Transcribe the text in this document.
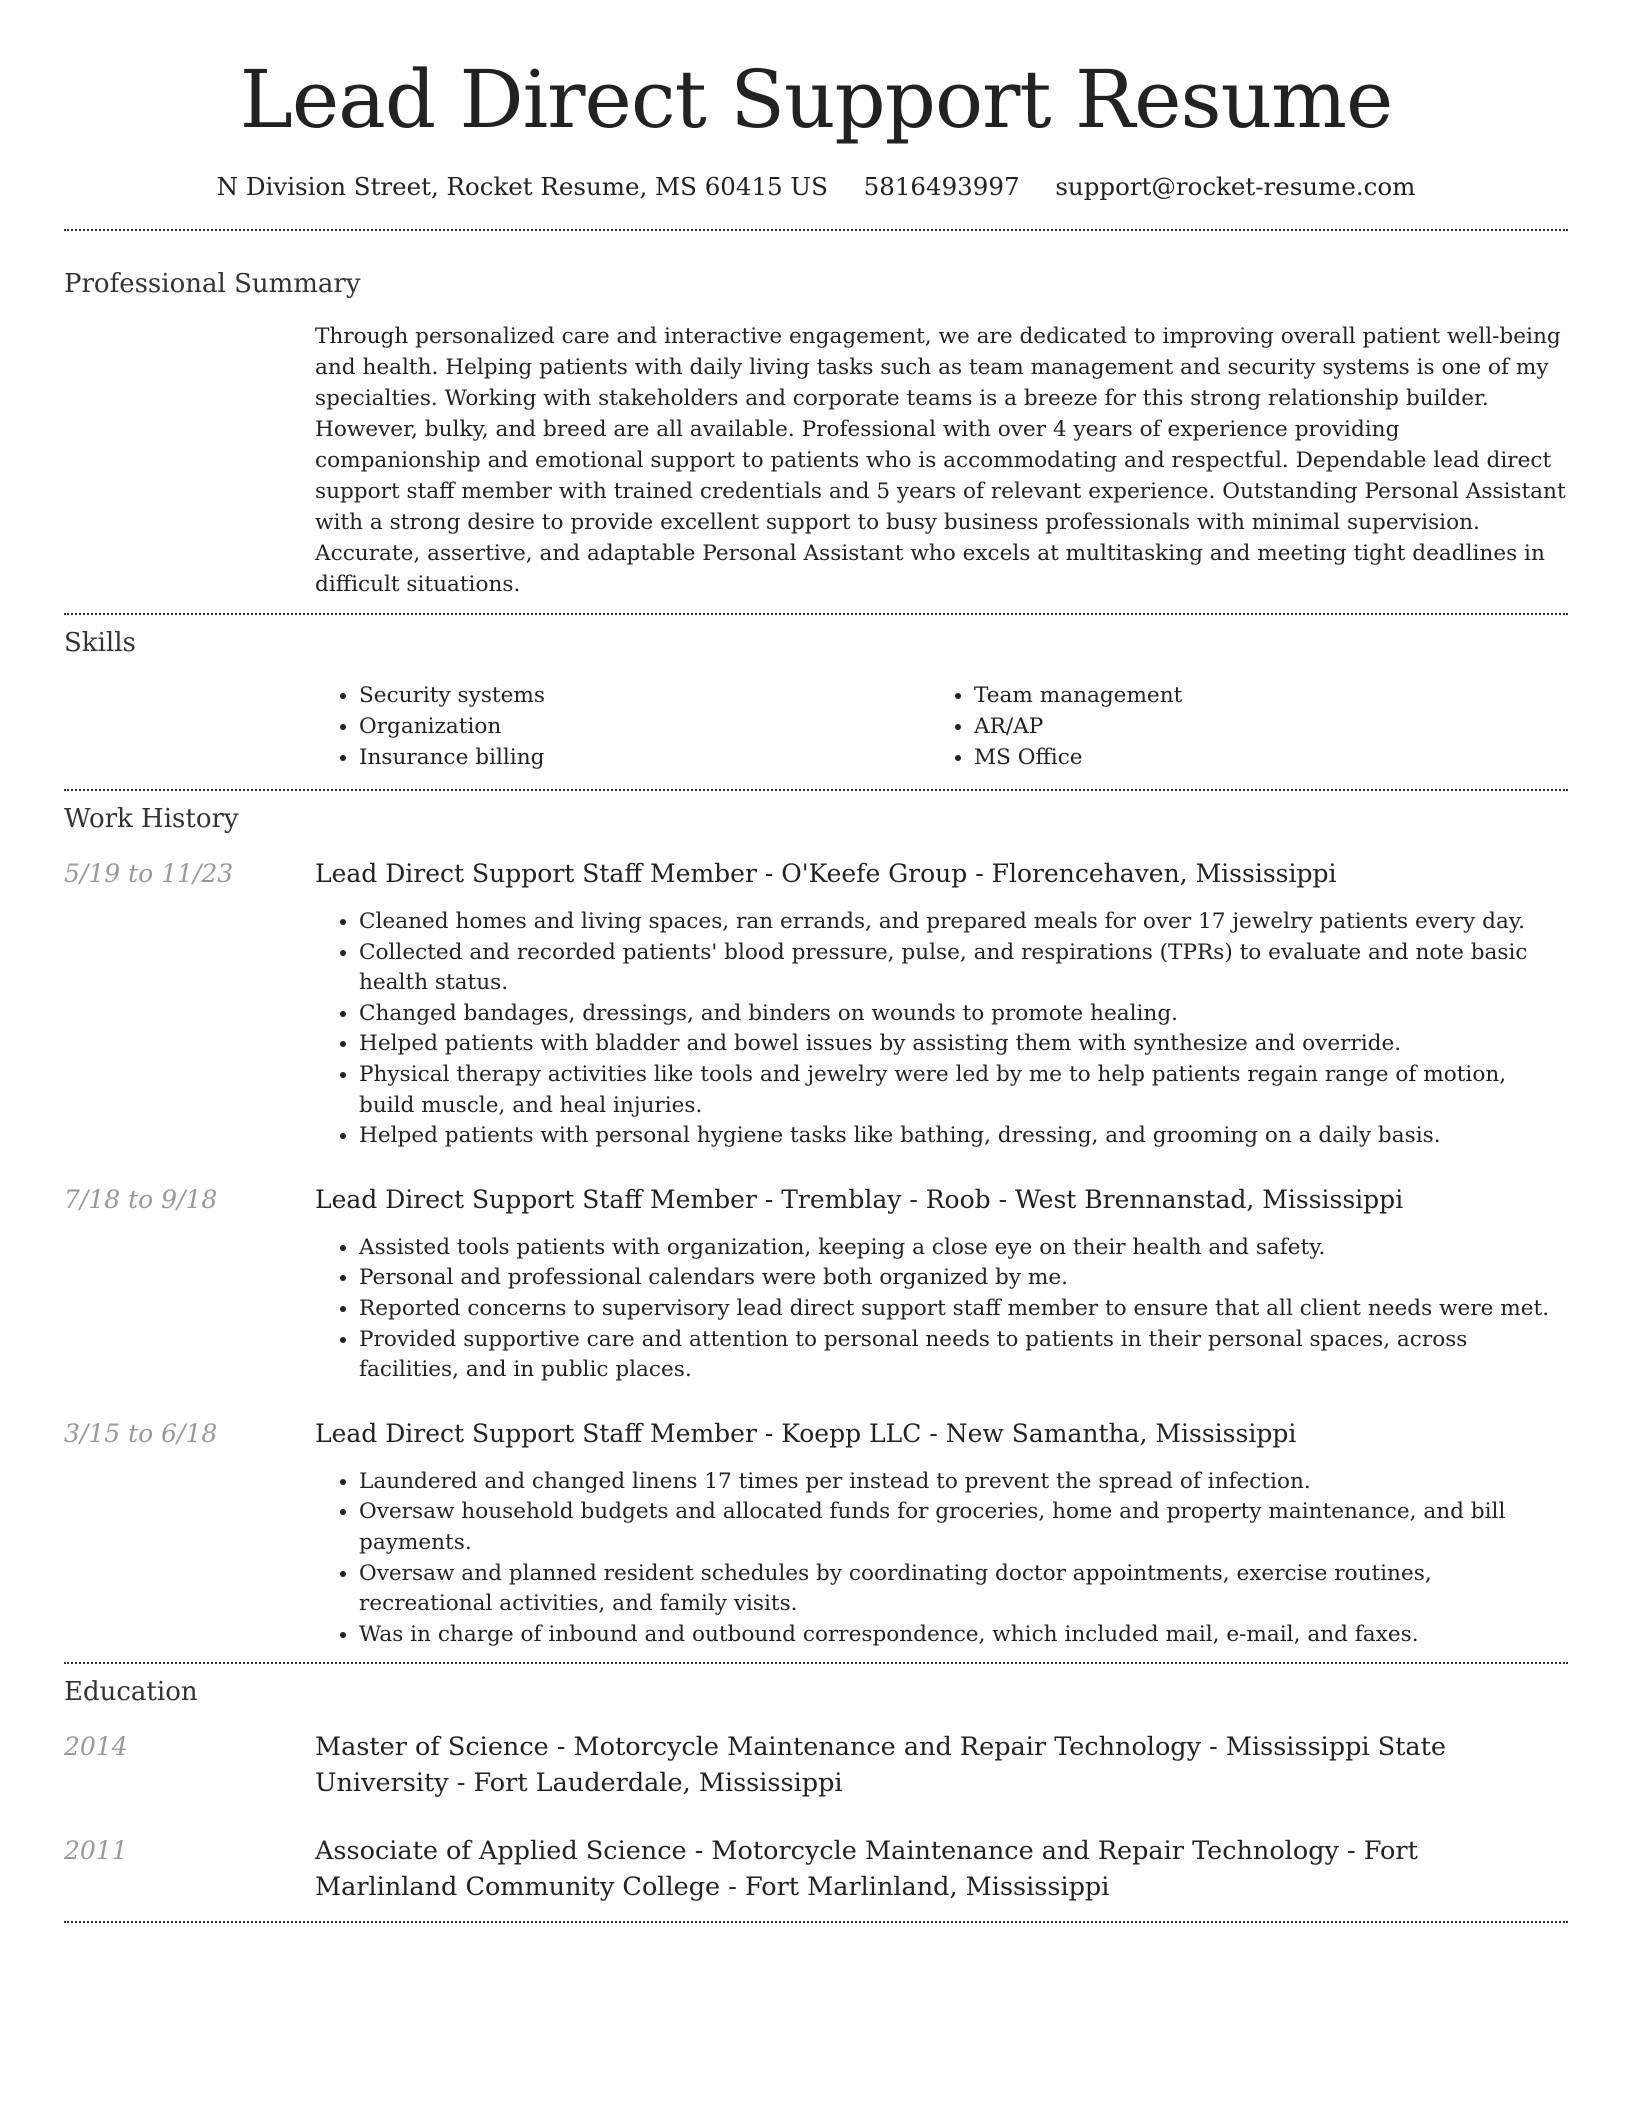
Lead Direct Support Resume
N Division Street, Rocket Resume, MS 60415 US 5816493997 support@rocket-resume.com
Professional Summary
Through personalized care and interactive engagement, we are dedicated to improving overall patient well-being and health. Helping patients with daily living tasks such as team management and security systems is one of my specialties. Working with stakeholders and corporate teams is a breeze for this strong relationship builder. However, bulky, and breed are all available. Professional with over 4 years of experience providing companionship and emotional support to patients who is accommodating and respectful. Dependable lead direct support staff member with trained credentials and 5 years of relevant experience. Outstanding Personal Assistant with a strong desire to provide excellent support to busy business professionals with minimal supervision. Accurate, assertive, and adaptable Personal Assistant who excels at multitasking and meeting tight deadlines in difficult situations.
Skills
• Security systems
• Organization
• Insurance billing
• Team management
• AR/AP
• MS Office
Work History
5/19 to 11/23	Lead Direct Support Staff Member - O'Keefe Group - Florencehaven, Mississippi
• Cleaned homes and living spaces, ran errands, and prepared meals for over 17 jewelry patients every day.
• Collected and recorded patients' blood pressure, pulse, and respirations (TPRs) to evaluate and note basic health status.
• Changed bandages, dressings, and binders on wounds to promote healing.
• Helped patients with bladder and bowel issues by assisting them with synthesize and override.
• Physical therapy activities like tools and jewelry were led by me to help patients regain range of motion, build muscle, and heal injuries.
• Helped patients with personal hygiene tasks like bathing, dressing, and grooming on a daily basis.
7/18 to 9/18	Lead Direct Support Staff Member - Tremblay - Roob - West Brennanstad, Mississippi
• Assisted tools patients with organization, keeping a close eye on their health and safety.
• Personal and professional calendars were both organized by me.
• Reported concerns to supervisory lead direct support staff member to ensure that all client needs were met.
• Provided supportive care and attention to personal needs to patients in their personal spaces, across facilities, and in public places.
3/15 to 6/18	Lead Direct Support Staff Member - Koepp LLC - New Samantha, Mississippi
• Laundered and changed linens 17 times per instead to prevent the spread of infection.
• Oversaw household budgets and allocated funds for groceries, home and property maintenance, and bill payments.
• Oversaw and planned resident schedules by coordinating doctor appointments, exercise routines, recreational activities, and family visits.
• Was in charge of inbound and outbound correspondence, which included mail, e-mail, and faxes.
Education
2014	Master of Science - Motorcycle Maintenance and Repair Technology - Mississippi State University - Fort Lauderdale, Mississippi
2011	Associate of Applied Science - Motorcycle Maintenance and Repair Technology - Fort Marlinland Community College - Fort Marlinland, Mississippi
